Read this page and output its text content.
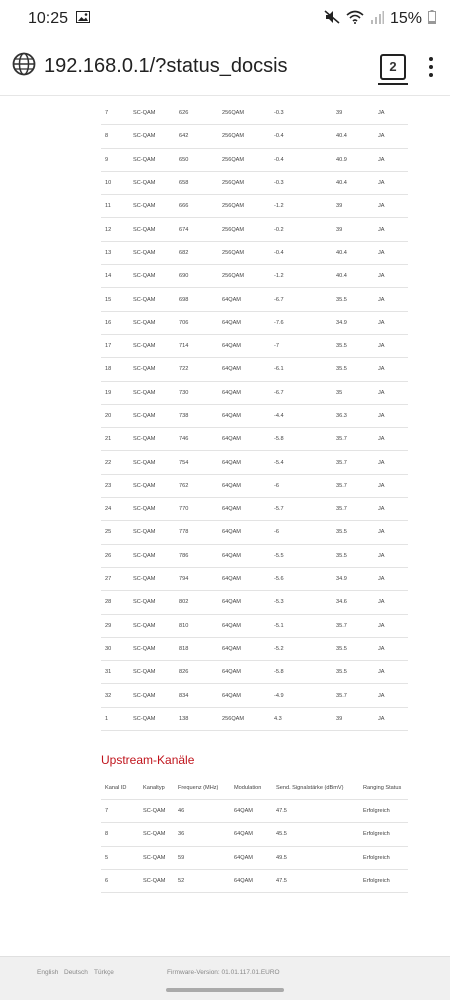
10:25	15%
192.168.0.1/?status_docsis	2
7	SC-QAM	626	256QAM	-0.3	39	JA
8	SC-QAM	642	256QAM	-0.4	40.4	JA
9	SC-QAM	650	256QAM	-0.4	40.9	JA
10	SC-QAM	658	256QAM	-0.3	40.4	JA
11	SC-QAM	666	256QAM	-1.2	39	JA
12	SC-QAM	674	256QAM	-0.2	39	JA
13	SC-QAM	682	256QAM	-0.4	40.4	JA
14	SC-QAM	690	256QAM	-1.2	40.4	JA
15	SC-QAM	698	64QAM	-6.7	35.5	JA
16	SC-QAM	706	64QAM	-7.6	34.9	JA
17	SC-QAM	714	64QAM	-7	35.5	JA
18	SC-QAM	722	64QAM	-6.1	35.5	JA
19	SC-QAM	730	64QAM	-6.7	35	JA
20	SC-QAM	738	64QAM	-4.4	36.3	JA
21	SC-QAM	746	64QAM	-5.8	35.7	JA
22	SC-QAM	754	64QAM	-5.4	35.7	JA
23	SC-QAM	762	64QAM	-6	35.7	JA
24	SC-QAM	770	64QAM	-5.7	35.7	JA
25	SC-QAM	778	64QAM	-6	35.5	JA
26	SC-QAM	786	64QAM	-5.5	35.5	JA
27	SC-QAM	794	64QAM	-5.6	34.9	JA
28	SC-QAM	802	64QAM	-5.3	34.6	JA
29	SC-QAM	810	64QAM	-5.1	35.7	JA
30	SC-QAM	818	64QAM	-5.2	35.5	JA
31	SC-QAM	826	64QAM	-5.8	35.5	JA
32	SC-QAM	834	64QAM	-4.9	35.7	JA
1	SC-QAM	138	256QAM	4.3	39	JA
Upstream-Kanäle
Kanal ID	Kanaltyp	Frequenz (MHz)	Modulation	Send. Signalstärke (dBmV)	Ranging Status
7	SC-QAM	46	64QAM	47.5	Erfolgreich
8	SC-QAM	36	64QAM	45.5	Erfolgreich
5	SC-QAM	59	64QAM	49.5	Erfolgreich
6	SC-QAM	52	64QAM	47.5	Erfolgreich
English Deutsch Türkçe	Firmware-Version: 01.01.117.01.EURO
